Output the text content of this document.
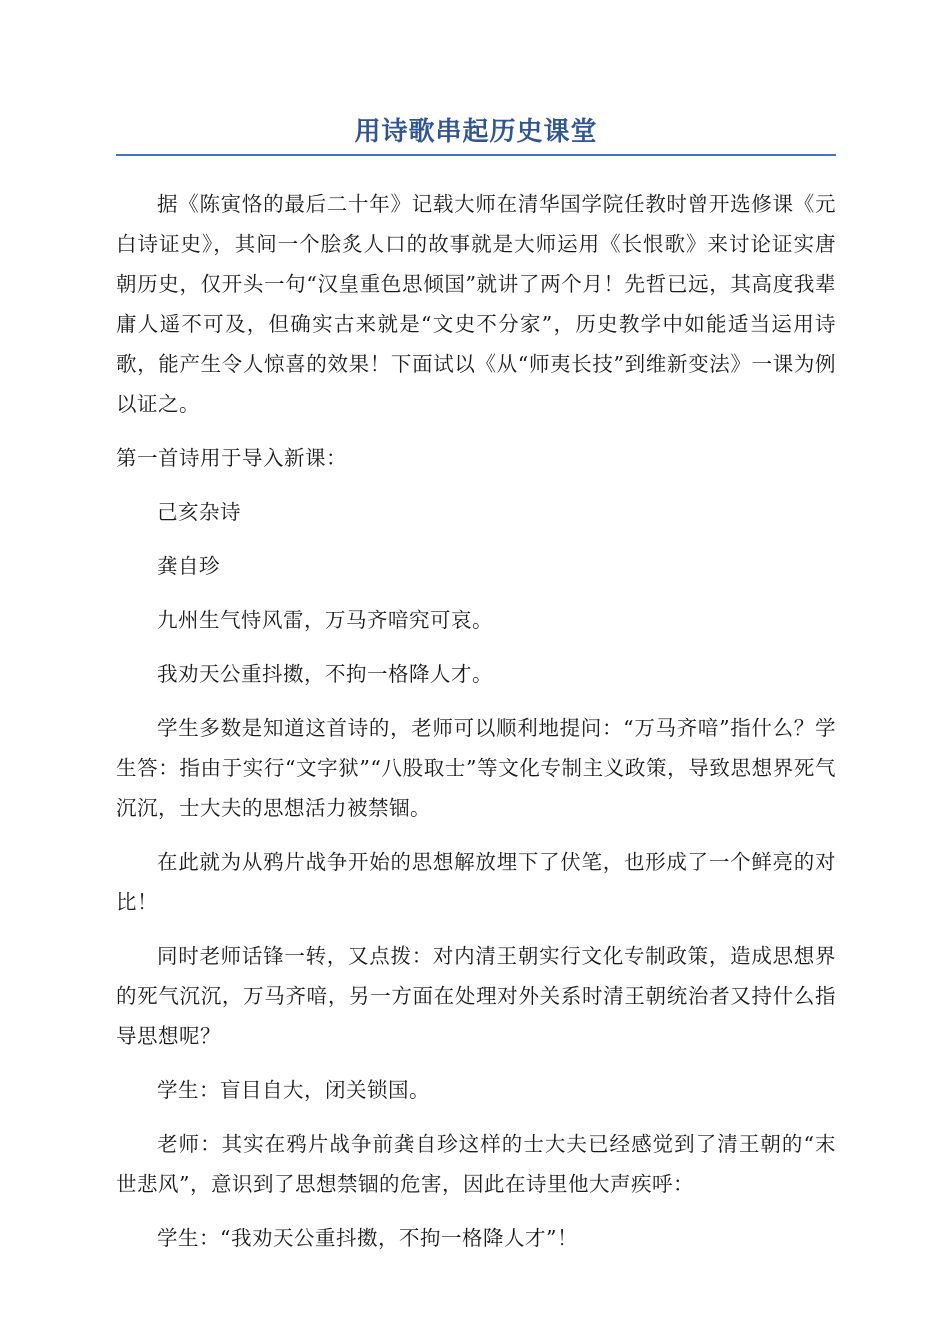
用诗歌串起历史课堂

据《陈寅恪的最后二十年》记载大师在清华国学院任教时曾开选修课《元白诗证史》，其间一个脍炙人口的故事就是大师运用《长恨歌》来讨论证实唐朝历史，仅开头一句“汉皇重色思倾国”就讲了两个月！先哲已远，其高度我辈庸人遥不可及，但确实古来就是“文史不分家”，历史教学中如能适当运用诗歌，能产生令人惊喜的效果！下面试以《从“师夷长技”到维新变法》一课为例以证之。

第一首诗用于导入新课：

己亥杂诗

龚自珍

九州生气恃风雷，万马齐喑究可哀。

我劝天公重抖擞，不拘一格降人才。

学生多数是知道这首诗的，老师可以顺利地提问：“万马齐喑”指什么？学生答：指由于实行“文字狱”“八股取士”等文化专制主义政策，导致思想界死气沉沉，士大夫的思想活力被禁锢。

在此就为从鸦片战争开始的思想解放埋下了伏笔，也形成了一个鲜亮的对比！

同时老师话锋一转，又点拨：对内清王朝实行文化专制政策，造成思想界的死气沉沉，万马齐喑，另一方面在处理对外关系时清王朝统治者又持什么指导思想呢？

学生：盲目自大，闭关锁国。

老师：其实在鸦片战争前龚自珍这样的士大夫已经感觉到了清王朝的“末世悲风”，意识到了思想禁锢的危害，因此在诗里他大声疾呼：

学生：“我劝天公重抖擞，不拘一格降人才”！
